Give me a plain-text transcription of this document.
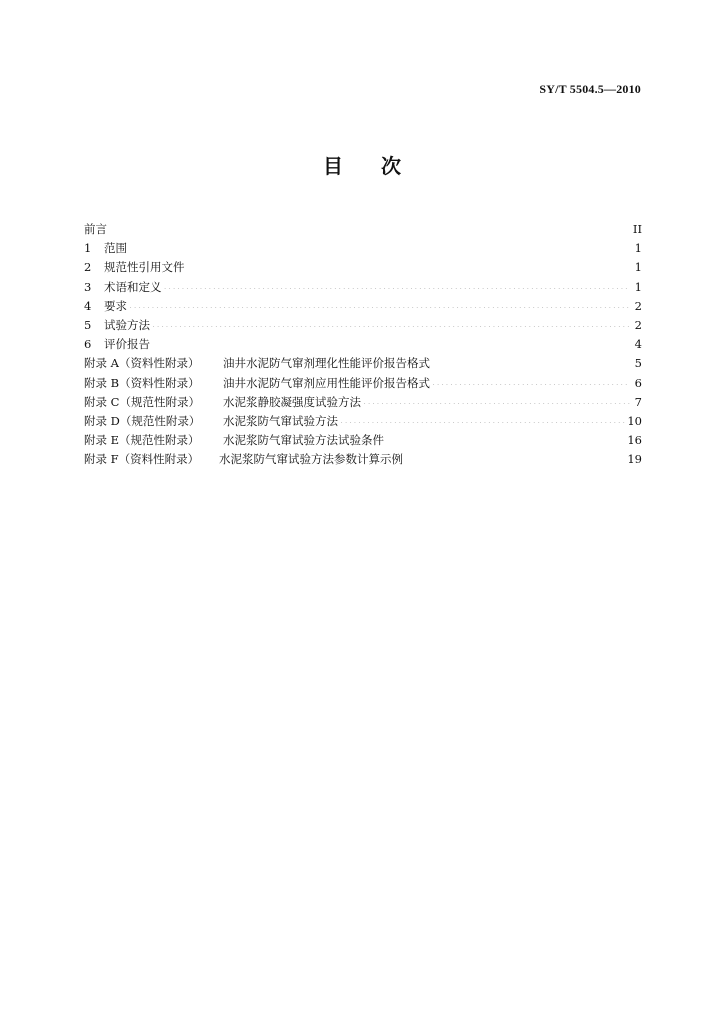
SY/T 5504.5—2010
目次
前言 .....	II
1	范围 .....	1
2	规范性引用文件 .....	1
3	术语和定义 .....	1
4	要求 .....	2
5	试验方法 .....	2
6	评价报告 .....	4
附录 A（资料性附录）	油井水泥防气窜剂理化性能评价报告格式 .....	5
附录 B（资料性附录）	油井水泥防气窜剂应用性能评价报告格式 .....	6
附录 C（规范性附录）	水泥浆静胶凝强度试验方法 .....	7
附录 D（规范性附录）	水泥浆防气窜试验方法 .....	10
附录 E（规范性附录）	水泥浆防气窜试验方法试验条件 .....	16
附录 F（资料性附录）	水泥浆防气窜试验方法参数计算示例 .....	19
